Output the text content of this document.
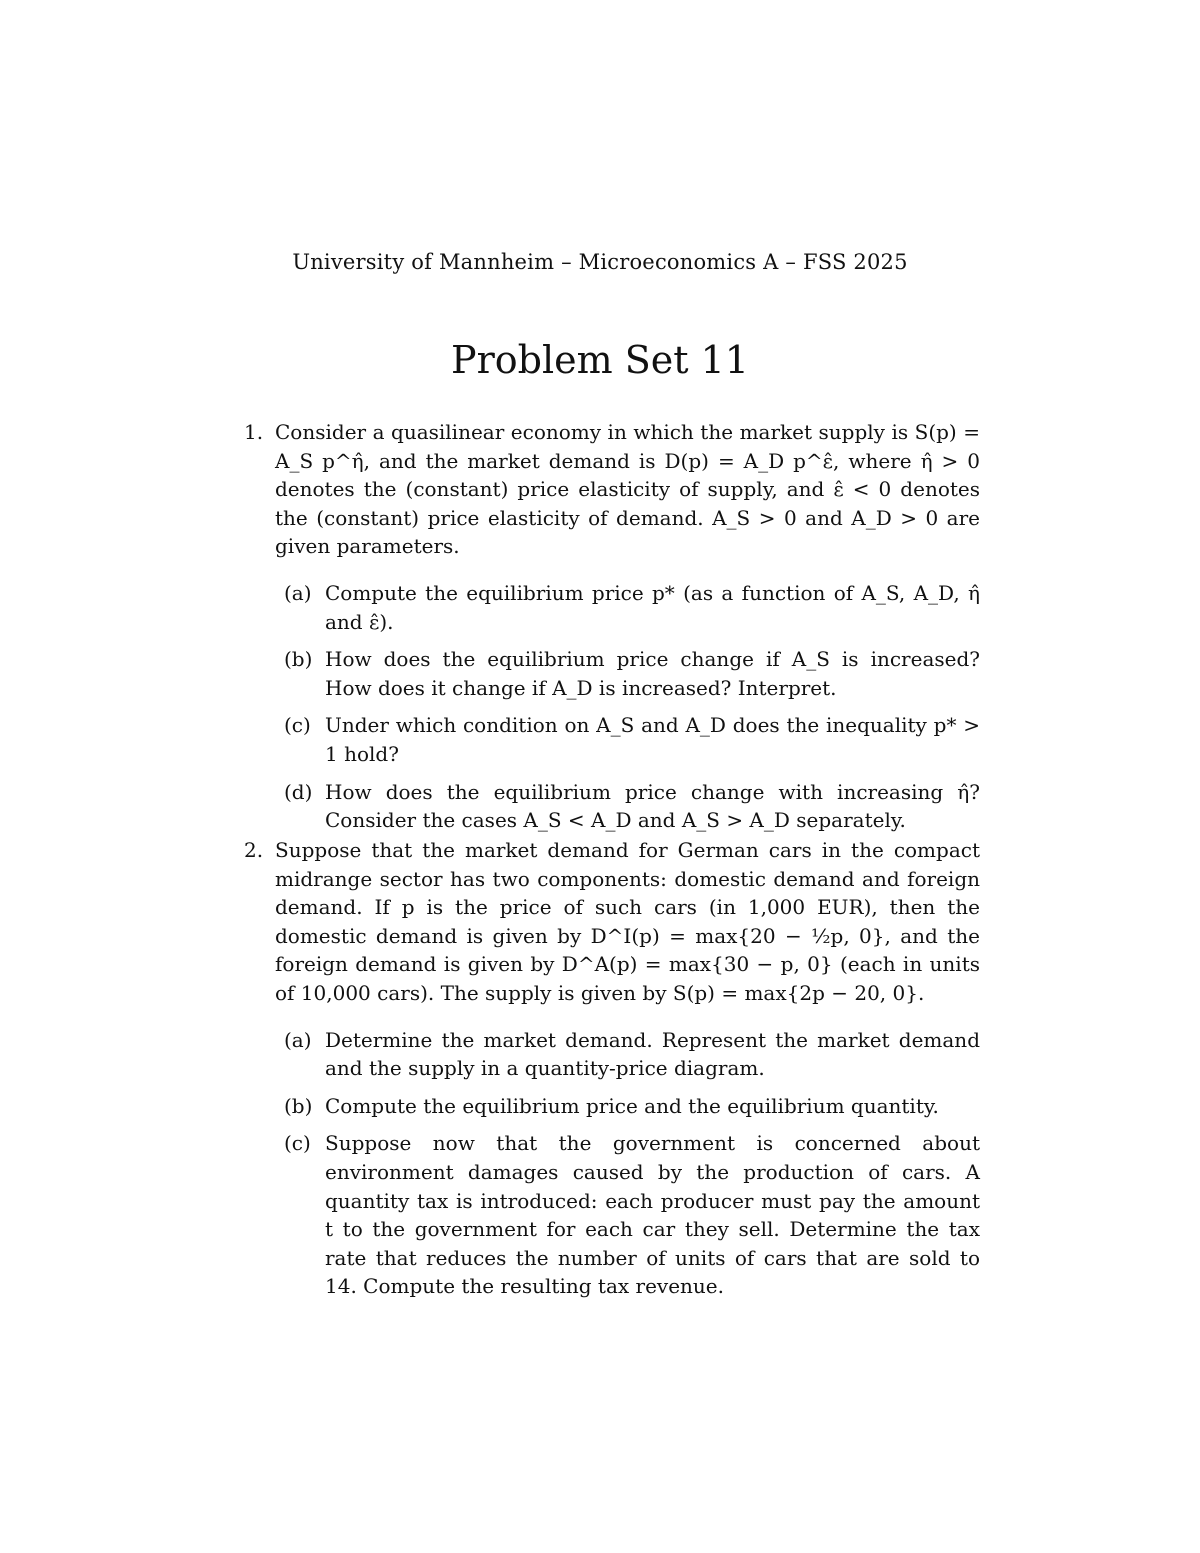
University of Mannheim – Microeconomics A – FSS 2025
Problem Set 11
1. Consider a quasilinear economy in which the market supply is S(p) = A_S p^η̂, and the market demand is D(p) = A_D p^ε̂, where η̂ > 0 denotes the (constant) price elasticity of supply, and ε̂ < 0 denotes the (constant) price elasticity of demand. A_S > 0 and A_D > 0 are given parameters.
(a) Compute the equilibrium price p* (as a function of A_S, A_D, η̂ and ε̂).
(b) How does the equilibrium price change if A_S is increased? How does it change if A_D is increased? Interpret.
(c) Under which condition on A_S and A_D does the inequality p* > 1 hold?
(d) How does the equilibrium price change with increasing η̂? Consider the cases A_S < A_D and A_S > A_D separately.
2. Suppose that the market demand for German cars in the compact midrange sector has two components: domestic demand and foreign demand. If p is the price of such cars (in 1,000 EUR), then the domestic demand is given by D^I(p) = max{20 − ½p, 0}, and the foreign demand is given by D^A(p) = max{30 − p, 0} (each in units of 10,000 cars). The supply is given by S(p) = max{2p − 20, 0}.
(a) Determine the market demand. Represent the market demand and the supply in a quantity-price diagram.
(b) Compute the equilibrium price and the equilibrium quantity.
(c) Suppose now that the government is concerned about environment damages caused by the production of cars. A quantity tax is introduced: each producer must pay the amount t to the government for each car they sell. Determine the tax rate that reduces the number of units of cars that are sold to 14. Compute the resulting tax revenue.
